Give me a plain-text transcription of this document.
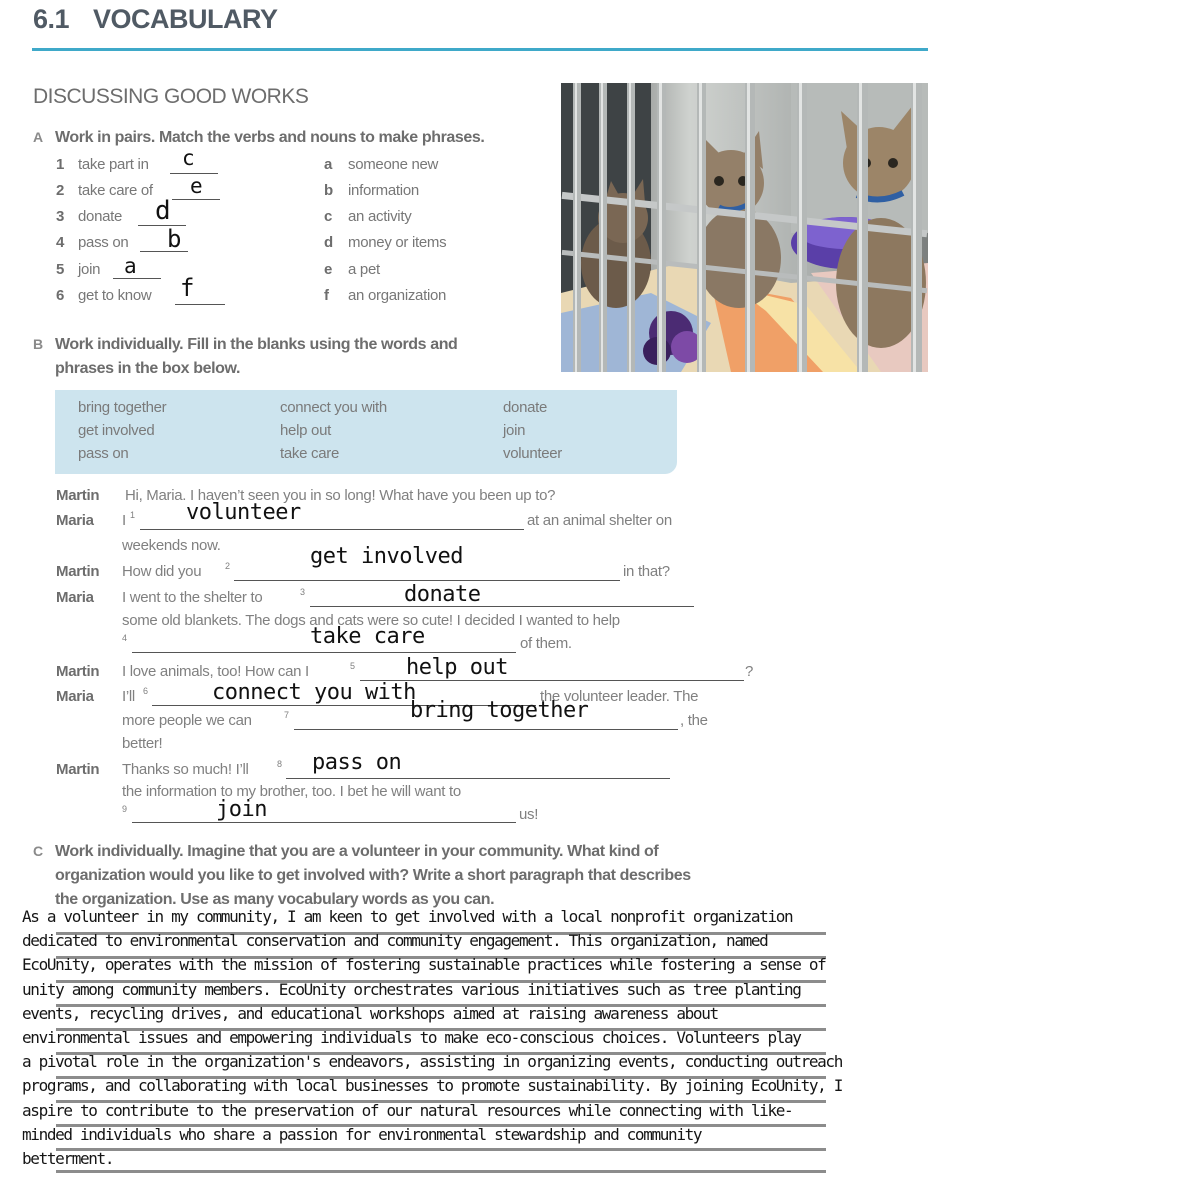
6.1 VOCABULARY
DISCUSSING GOOD WORKS
A Work in pairs. Match the verbs and nouns to make phrases.
1 take part in c
2 take care of e
3 donate d
4 pass on b
5 join a
6 get to know f
a someone new
b information
c an activity
d money or items
e a pet
f an organization
B Work individually. Fill in the blanks using the words and
phrases in the box below.
bring together	connect you with	donate
get involved	help out	join
pass on	take care	volunteer
Martin Hi, Maria. I haven’t seen you in so long! What have you been up to?
Maria I 1 volunteer	at an animal shelter on
weekends now.
Martin How did you	2	get involved
in that?
Maria I went to the shelter to	3	donate
some old blankets. The dogs and cats were so cute! I decided I wanted to help
4	take care	of them.
Martin I love animals, too! How can I	5 help out	?
Maria I’ll 6	connect you with	the volunteer leader. The
more people we can	7	bring together	, the
better!
Martin Thanks so much! I’ll	8 pass on
the information to my brother, too. I bet he will want to
9	join	us!
C Work individually. Imagine that you are a volunteer in your community. What kind of
organization would you like to get involved with? Write a short paragraph that describes
the organization. Use as many vocabulary words as you can.
As a volunteer in my community, I am keen to get involved with a local nonprofit organization
dedicated to environmental conservation and community engagement. This organization, named
EcoUnity, operates with the mission of fostering sustainable practices while fostering a sense of
unity among community members. EcoUnity orchestrates various initiatives such as tree planting
events, recycling drives, and educational workshops aimed at raising awareness about
environmental issues and empowering individuals to make eco-conscious choices. Volunteers play
a pivotal role in the organization's endeavors, assisting in organizing events, conducting outreach
programs, and collaborating with local businesses to promote sustainability. By joining EcoUnity, I
aspire to contribute to the preservation of our natural resources while connecting with like-
minded individuals who share a passion for environmental stewardship and community
betterment.
